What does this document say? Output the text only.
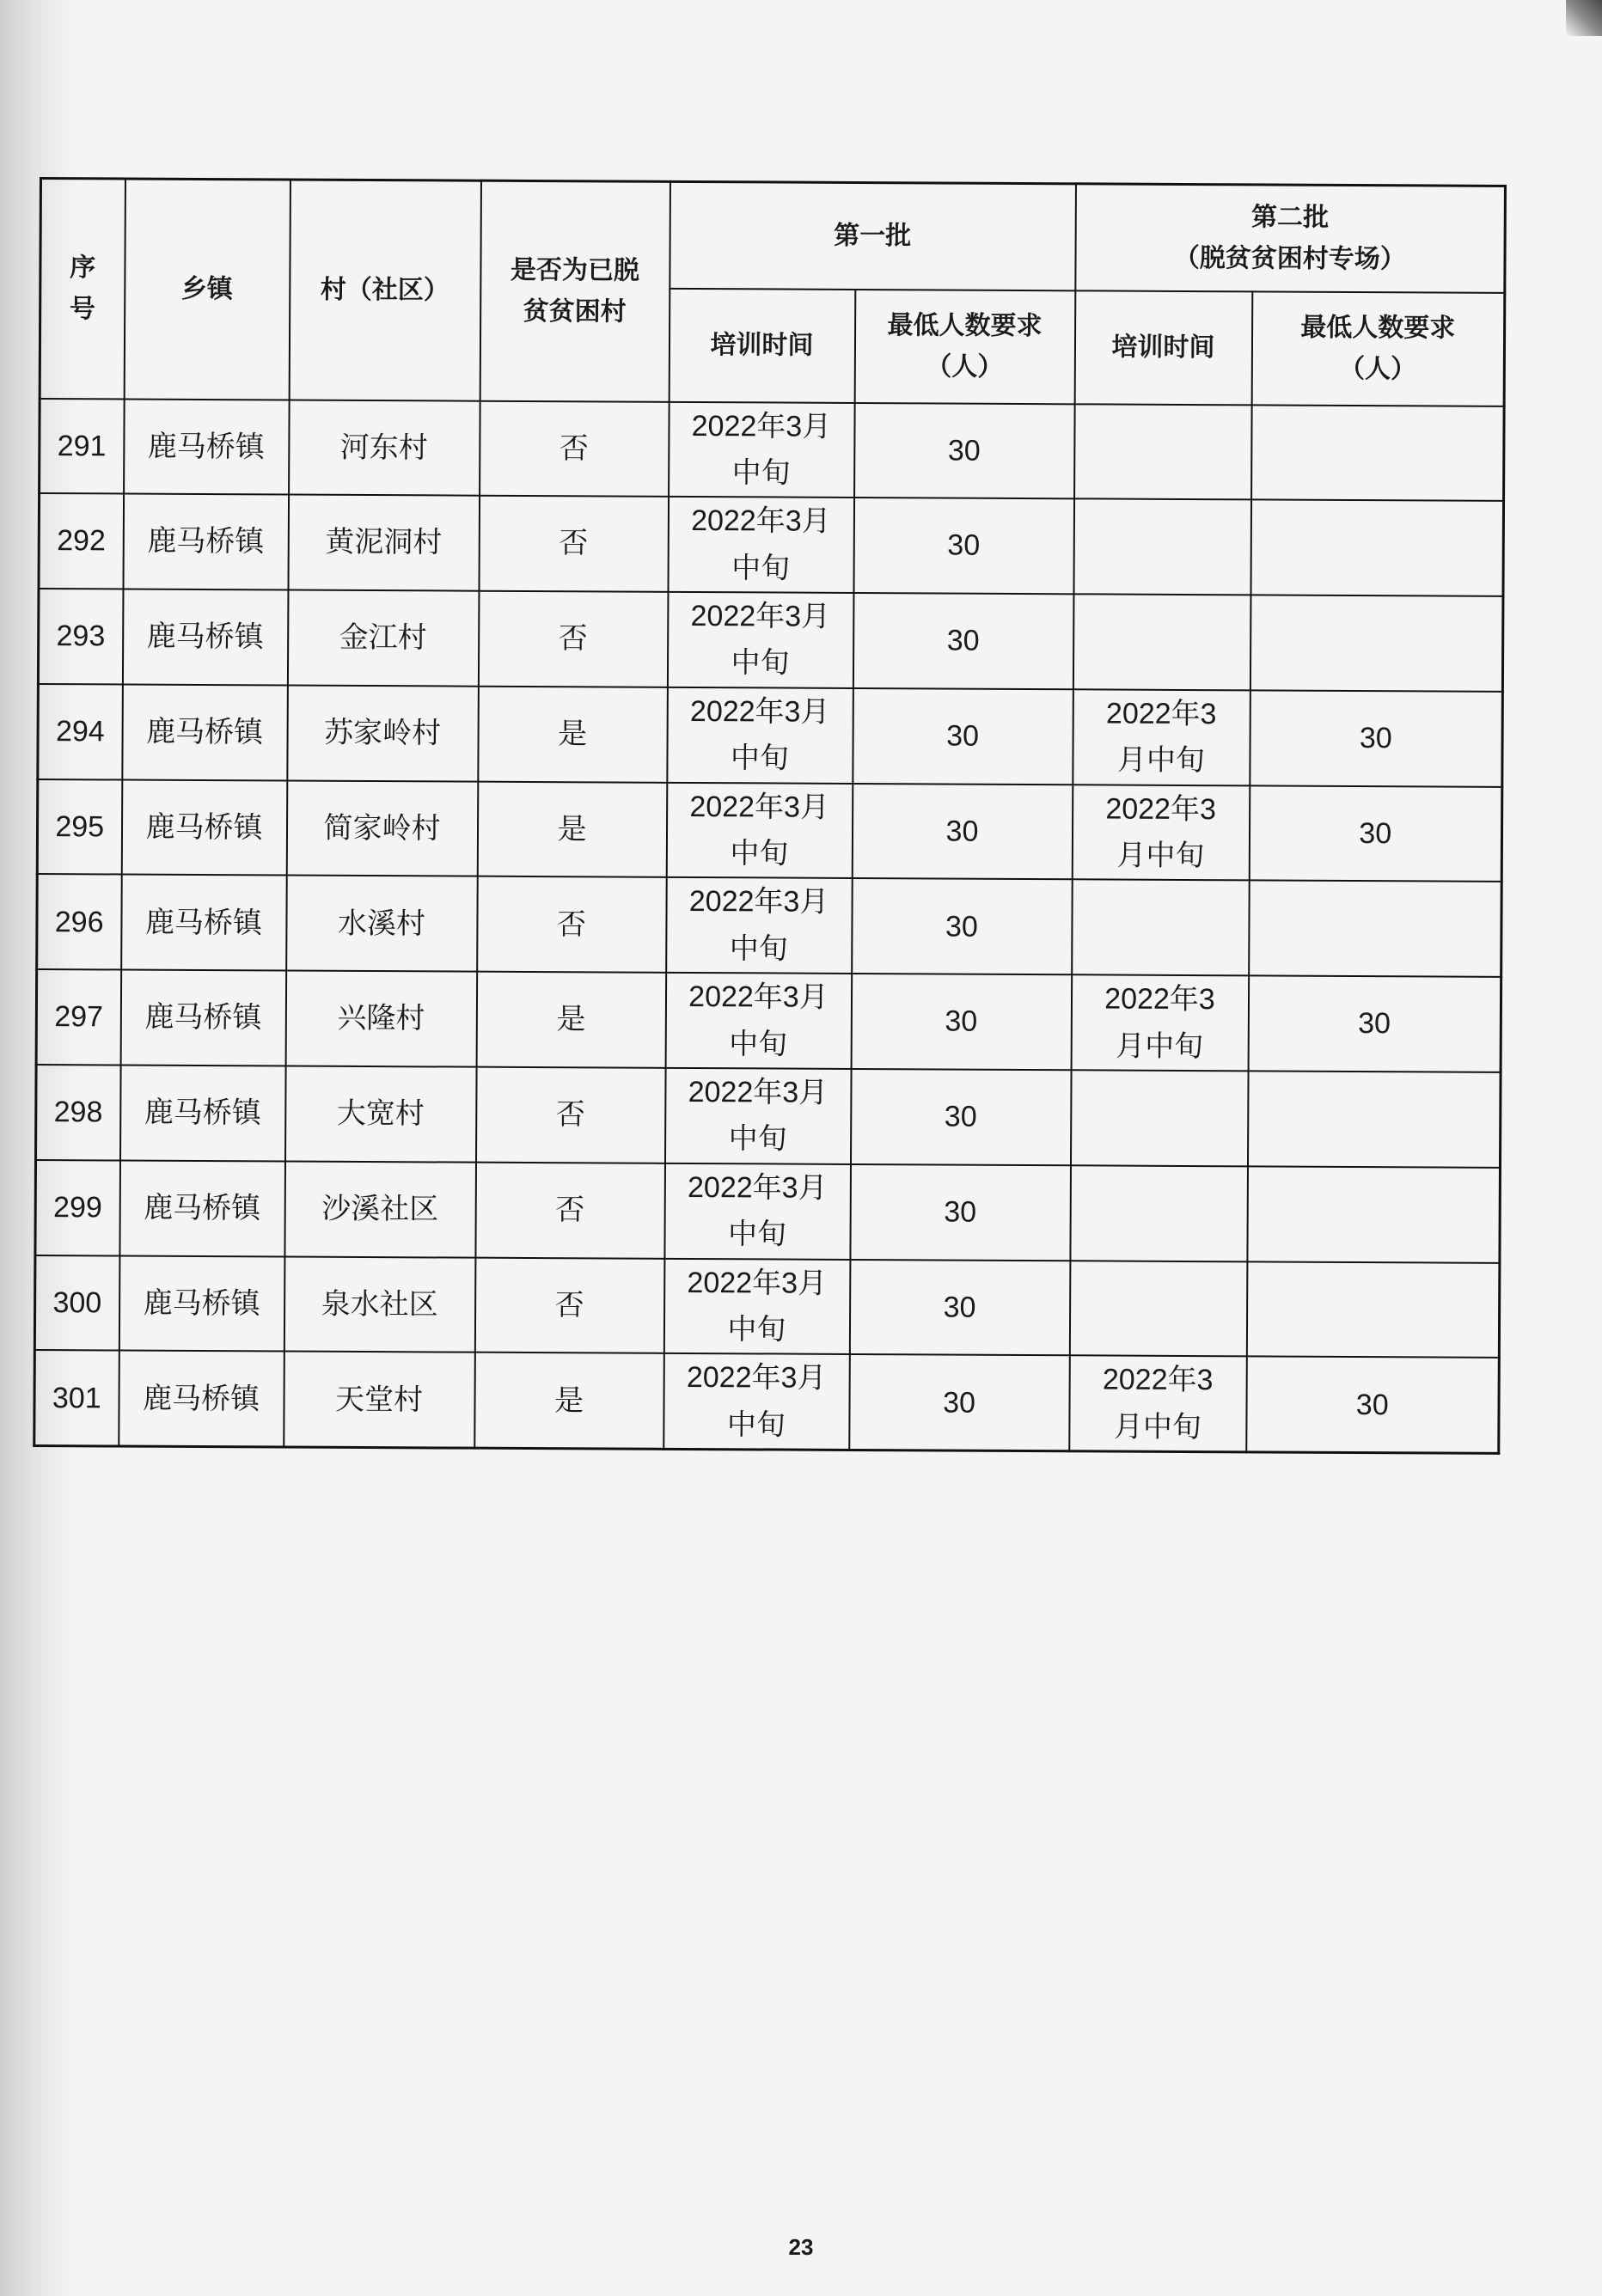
序
号	乡镇	村（社区）	是否为已脱
贫贫困村	第一批		第二批
（脱贫贫困村专场）	
				培训时间	最低人数要求
（人）	培训时间	最低人数要求
（人）
291	鹿马桥镇	河东村	否	2022年3月
中旬	30		
292	鹿马桥镇	黄泥洞村	否	2022年3月
中旬	30		
293	鹿马桥镇	金江村	否	2022年3月
中旬	30		
294	鹿马桥镇	苏家岭村	是	2022年3月
中旬	30	2022年3
月中旬	30
295	鹿马桥镇	简家岭村	是	2022年3月
中旬	30	2022年3
月中旬	30
296	鹿马桥镇	水溪村	否	2022年3月
中旬	30		
297	鹿马桥镇	兴隆村	是	2022年3月
中旬	30	2022年3
月中旬	30
298	鹿马桥镇	大宽村	否	2022年3月
中旬	30		
299	鹿马桥镇	沙溪社区	否	2022年3月
中旬	30		
300	鹿马桥镇	泉水社区	否	2022年3月
中旬	30		
301	鹿马桥镇	天堂村	是	2022年3月
中旬	30	2022年3
月中旬	30
23
